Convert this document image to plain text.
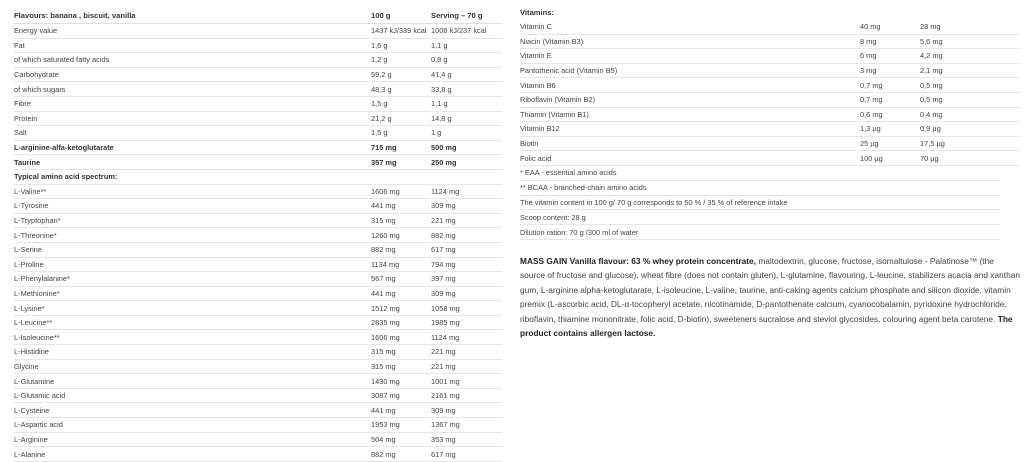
Flavours: banana , biscuit, vanilla	100 g	Serving – 70 g
Energy value	1437 kJ/339 kcal 1006 kJ/237 kcal
Fat	1,6 g	1,1 g
of which saturated fatty acids	1,2 g	0,8 g
Carbohydrate	59,2 g	41,4 g
of which sugars	48,3 g	33,8 g
Fibre	1,5 g	1,1 g
Protein	21,2 g	14,8 g
Salt	1,5 g	1 g
L-arginine-alfa-ketoglutarate	715 mg	500 mg
Taurine	357 mg	250 mg
Typical amino acid spectrum:
L-Valine**	1606 mg	1124 mg
L-Tyrosine	441 mg	309 mg
L-Tryptophan*	315 mg	221 mg
L-Threonine*	1260 mg	882 mg
L-Serine	882 mg	617 mg
L-Proline	1134 mg	794 mg
L-Phenylalanine*	567 mg	397 mg
L-Methionine*	441 mg	309 mg
L-Lysine*	1512 mg	1058 mg
L-Leucine**	2835 mg	1985 mg
L-Isoleucine**	1606 mg	1124 mg
L-Histidine	315 mg	221 mg
Glycine	315 mg	221 mg
L-Glutamine	1430 mg	1001 mg
L-Glutamic acid	3087 mg	2161 mg
L-Cysteine	441 mg	309 mg
L-Aspartic acid	1953 mg	1367 mg
L-Arginine	504 mg	353 mg
L-Alanine	882 mg	617 mg
Vitamins:
Vitamin C	40 mg	28 mg
Niacin (Vitamin B3)	8 mg	5,6 mg
Vitamin E	6 mg	4,2 mg
Pantothenic acid (Vitamin B5)	3 mg	2,1 mg
Vitamin B6	0,7 mg	0,5 mg
Riboflavin (Vitamin B2)	0,7 mg	0,5 mg
Thiamin (Vitamin B1)	0,6 mg	0,4 mg
Vitamin B12	1,3 µg	0,9 µg
Biotin	25 µg	17,5 µg
Folic acid	100 µg	70 µg
* EAA - essential amino acids
** BCAA - branched-chain amino acids
The vitamin content in 100 g/ 70 g corresponds to 50 % / 35 % of reference intake
Scoop content: 28 g
Dilution ration: 70 g /300 ml of water
MASS GAIN Vanilla flavour: 63 % whey protein concentrate, maltodextrin, glucose, fructose, isomaltulose - Palatinose™ (the source of fructose and glucose), wheat fibre (does not contain gluten), L-glutamine, flavouring, L-leucine, stabilizers acacia and xanthan gum, L-arginine alpha-ketoglutarate, L-isoleucine, L-valine, taurine, anti-caking agents calcium phosphate and silicon dioxide, vitamin premix (L-ascorbic acid, DL-α-tocopheryl acetate, nicotinamide, D-pantothenate calcium, cyanocobalamin, pyridoxine hydrochloride, riboflavin, thiamine mononitrate, folic acid, D-biotin), sweeteners sucralose and steviol glycosides, colouring agent beta carotene. The product contains allergen lactose.
